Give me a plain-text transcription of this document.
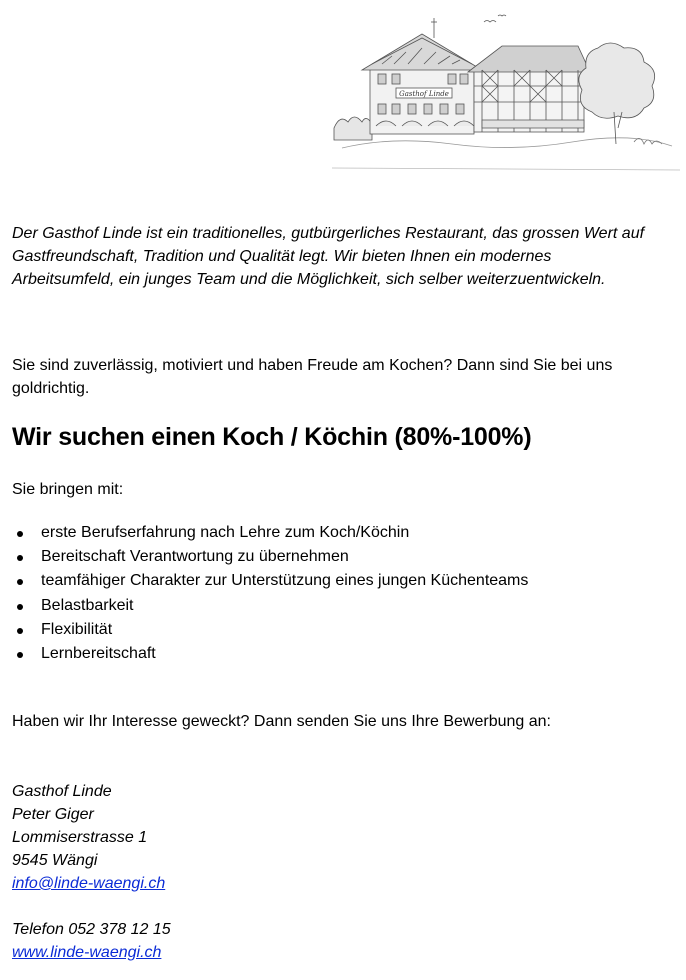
Gasthof Linde

Der Gasthof Linde ist ein traditionelles, gutbürgerliches Restaurant, das grossen Wert auf Gastfreundschaft, Tradition und Qualität legt. Wir bieten Ihnen ein modernes Arbeitsumfeld, ein junges Team und die Möglichkeit, sich selber weiterzuentwickeln.

Sie sind zuverlässig, motiviert und haben Freude am Kochen? Dann sind Sie bei uns goldrichtig.

Wir suchen einen Koch / Köchin (80%-100%)

Sie bringen mit:

erste Berufserfahrung nach Lehre zum Koch/Köchin
Bereitschaft Verantwortung zu übernehmen
teamfähiger Charakter zur Unterstützung eines jungen Küchenteams
Belastbarkeit
Flexibilität
Lernbereitschaft

Haben wir Ihr Interesse geweckt? Dann senden Sie uns Ihre Bewerbung an:

Gasthof Linde
Peter Giger
Lommiserstrasse 1
9545 Wängi
info@linde-waengi.ch
Telefon 052 378 12 15
www.linde-waengi.ch
